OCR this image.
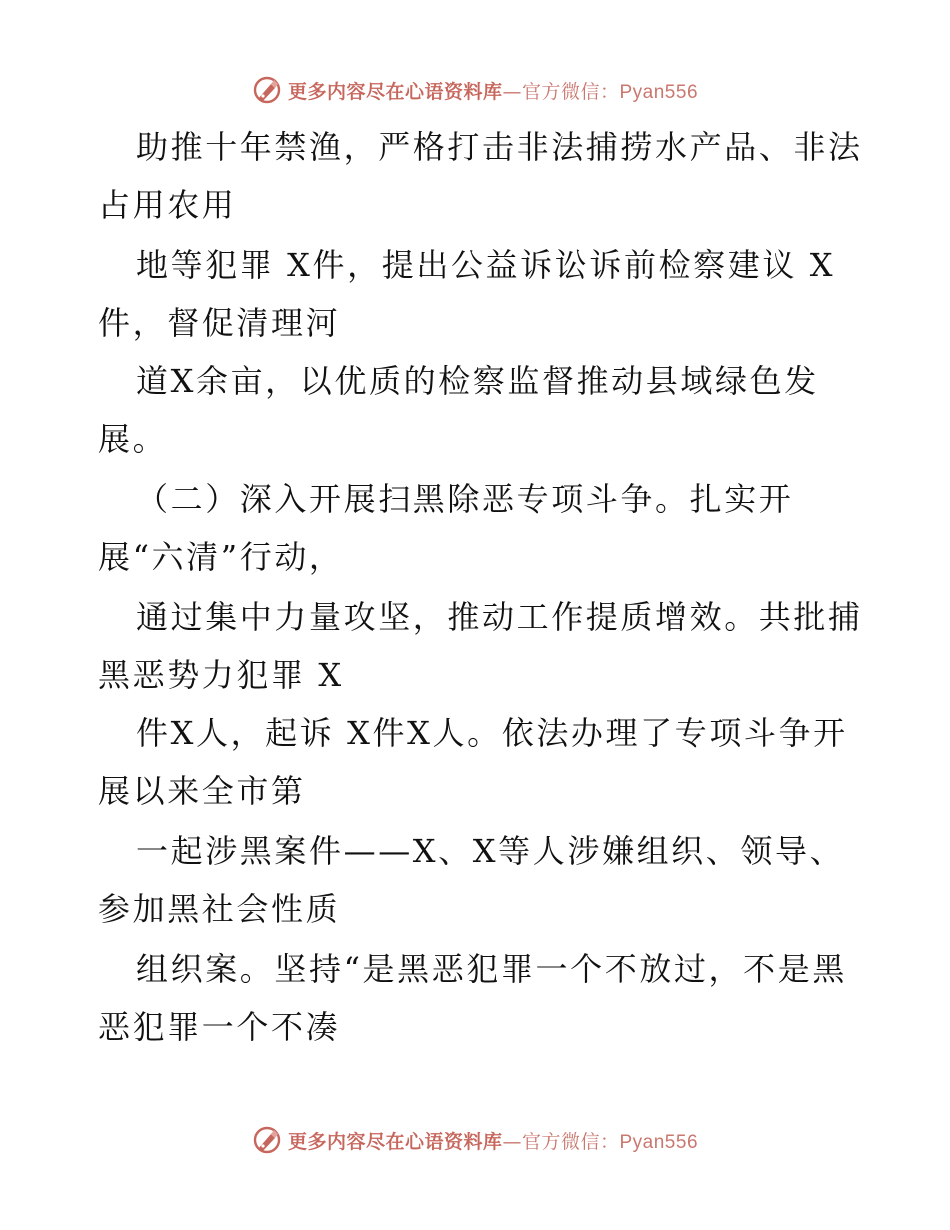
更多内容尽在心语资料库—官方微信：Pyan556
助推十年禁渔，严格打击非法捕捞水产品、非法
占用农用
地等犯罪 X件，提出公益诉讼诉前检察建议 X
件，督促清理河
道X余亩，以优质的检察监督推动县域绿色发
展。
（二）深入开展扫黑除恶专项斗争。扎实开
展“六清”行动，
通过集中力量攻坚，推动工作提质增效。共批捕
黑恶势力犯罪 X
件X人，起诉 X件X人。依法办理了专项斗争开
展以来全市第
一起涉黑案件——X、X等人涉嫌组织、领导、
参加黑社会性质
组织案。坚持“是黑恶犯罪一个不放过，不是黑
恶犯罪一个不凑
更多内容尽在心语资料库—官方微信：Pyan556
